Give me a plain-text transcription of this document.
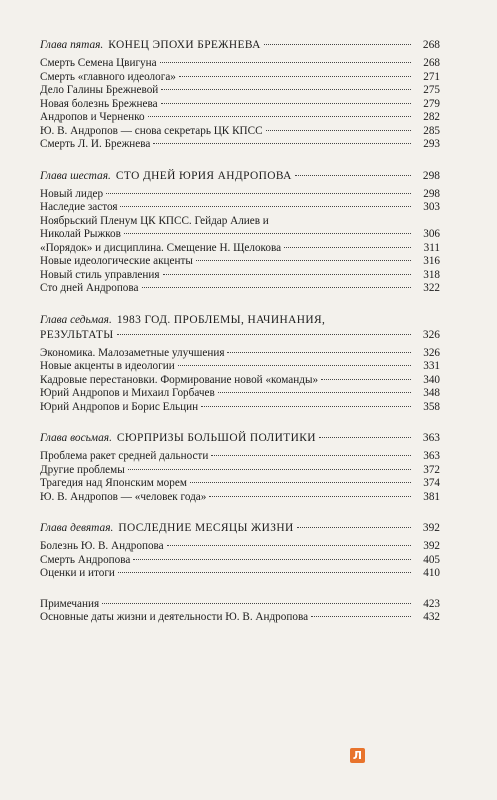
Глава пятая. КОНЕЦ ЭПОХИ БРЕЖНЕВА	268
Смерть Семена Цвигуна	268
Смерть «главного идеолога»	271
Дело Галины Брежневой	275
Новая болезнь Брежнева	279
Андропов и Черненко	282
Ю. В. Андропов — снова секретарь ЦК КПСС	285
Смерть Л. И. Брежнева	293
Глава шестая. СТО ДНЕЙ ЮРИЯ АНДРОПОВА	298
Новый лидер	298
Наследие застоя	303
Ноябрьский Пленум ЦК КПСС. Гейдар Алиев и
Николай Рыжков	306
«Порядок» и дисциплина. Смещение Н. Щелокова	311
Новые идеологические акценты	316
Новый стиль управления	318
Сто дней Андропова	322
Глава седьмая. 1983 ГОД. ПРОБЛЕМЫ, НАЧИНАНИЯ,
РЕЗУЛЬТАТЫ	326
Экономика. Малозаметные улучшения	326
Новые акценты в идеологии	331
Кадровые перестановки. Формирование новой «команды»	340
Юрий Андропов и Михаил Горбачев	348
Юрий Андропов и Борис Ельцин	358
Глава восьмая. СЮРПРИЗЫ БОЛЬШОЙ ПОЛИТИКИ	363
Проблема ракет средней дальности	363
Другие проблемы	372
Трагедия над Японским морем	374
Ю. В. Андропов — «человек года»	381
Глава девятая. ПОСЛЕДНИЕ МЕСЯЦЫ ЖИЗНИ	392
Болезнь Ю. В. Андропова	392
Смерть Андропова	405
Оценки и итоги	410
Примечания	423
Основные даты жизни и деятельности Ю. В. Андропова	432
Л
